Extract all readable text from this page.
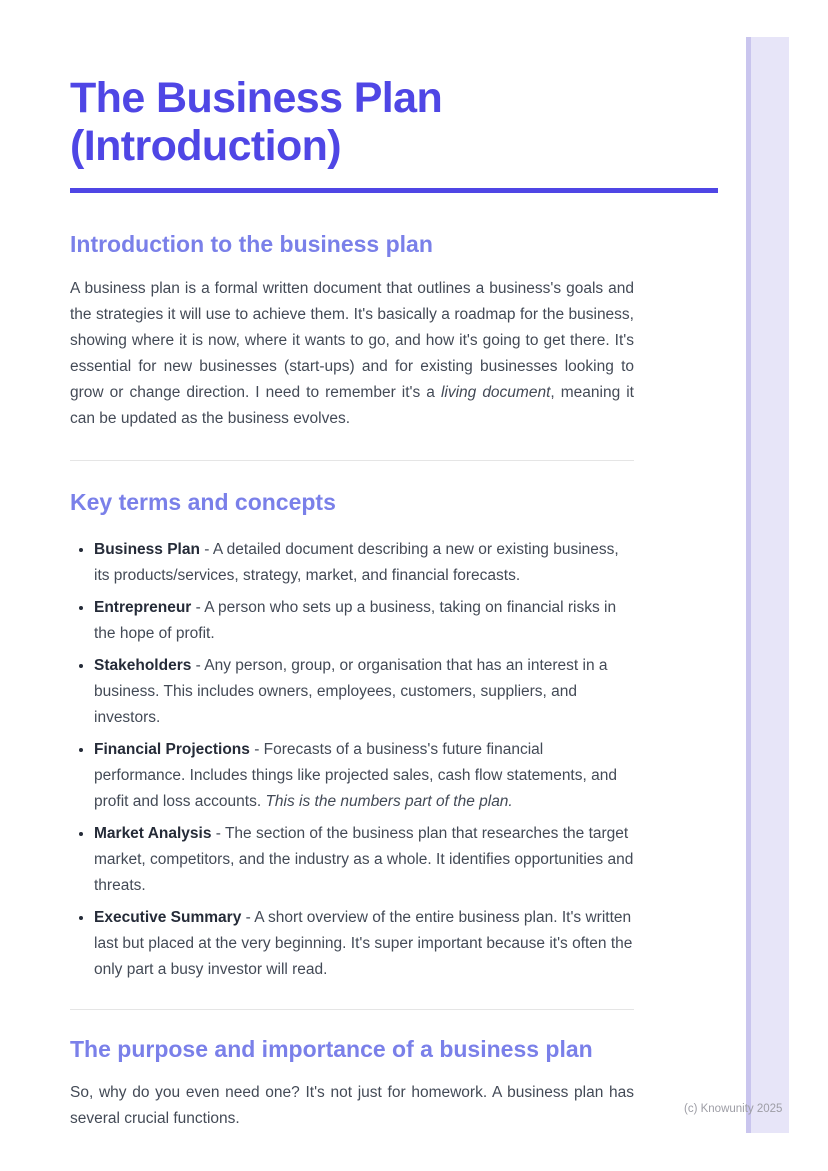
The Business Plan (Introduction)
Introduction to the business plan

A business plan is a formal written document that outlines a business's goals and the strategies it will use to achieve them. It's basically a roadmap for the business, showing where it is now, where it wants to go, and how it's going to get there. It's essential for new businesses (start-ups) and for existing businesses looking to grow or change direction. I need to remember it's a living document, meaning it can be updated as the business evolves.

Key terms and concepts
• Business Plan - A detailed document describing a new or existing business, its products/services, strategy, market, and financial forecasts.
• Entrepreneur - A person who sets up a business, taking on financial risks in the hope of profit.
• Stakeholders - Any person, group, or organisation that has an interest in a business. This includes owners, employees, customers, suppliers, and investors.
• Financial Projections - Forecasts of a business's future financial performance. Includes things like projected sales, cash flow statements, and profit and loss accounts. This is the numbers part of the plan.
• Market Analysis - The section of the business plan that researches the target market, competitors, and the industry as a whole. It identifies opportunities and threats.
• Executive Summary - A short overview of the entire business plan. It's written last but placed at the very beginning. It's super important because it's often the only part a busy investor will read.
The purpose and importance of a business plan

So, why do you even need one? It's not just for homework. A business plan has several crucial functions.

(c) Knowunity 2025
